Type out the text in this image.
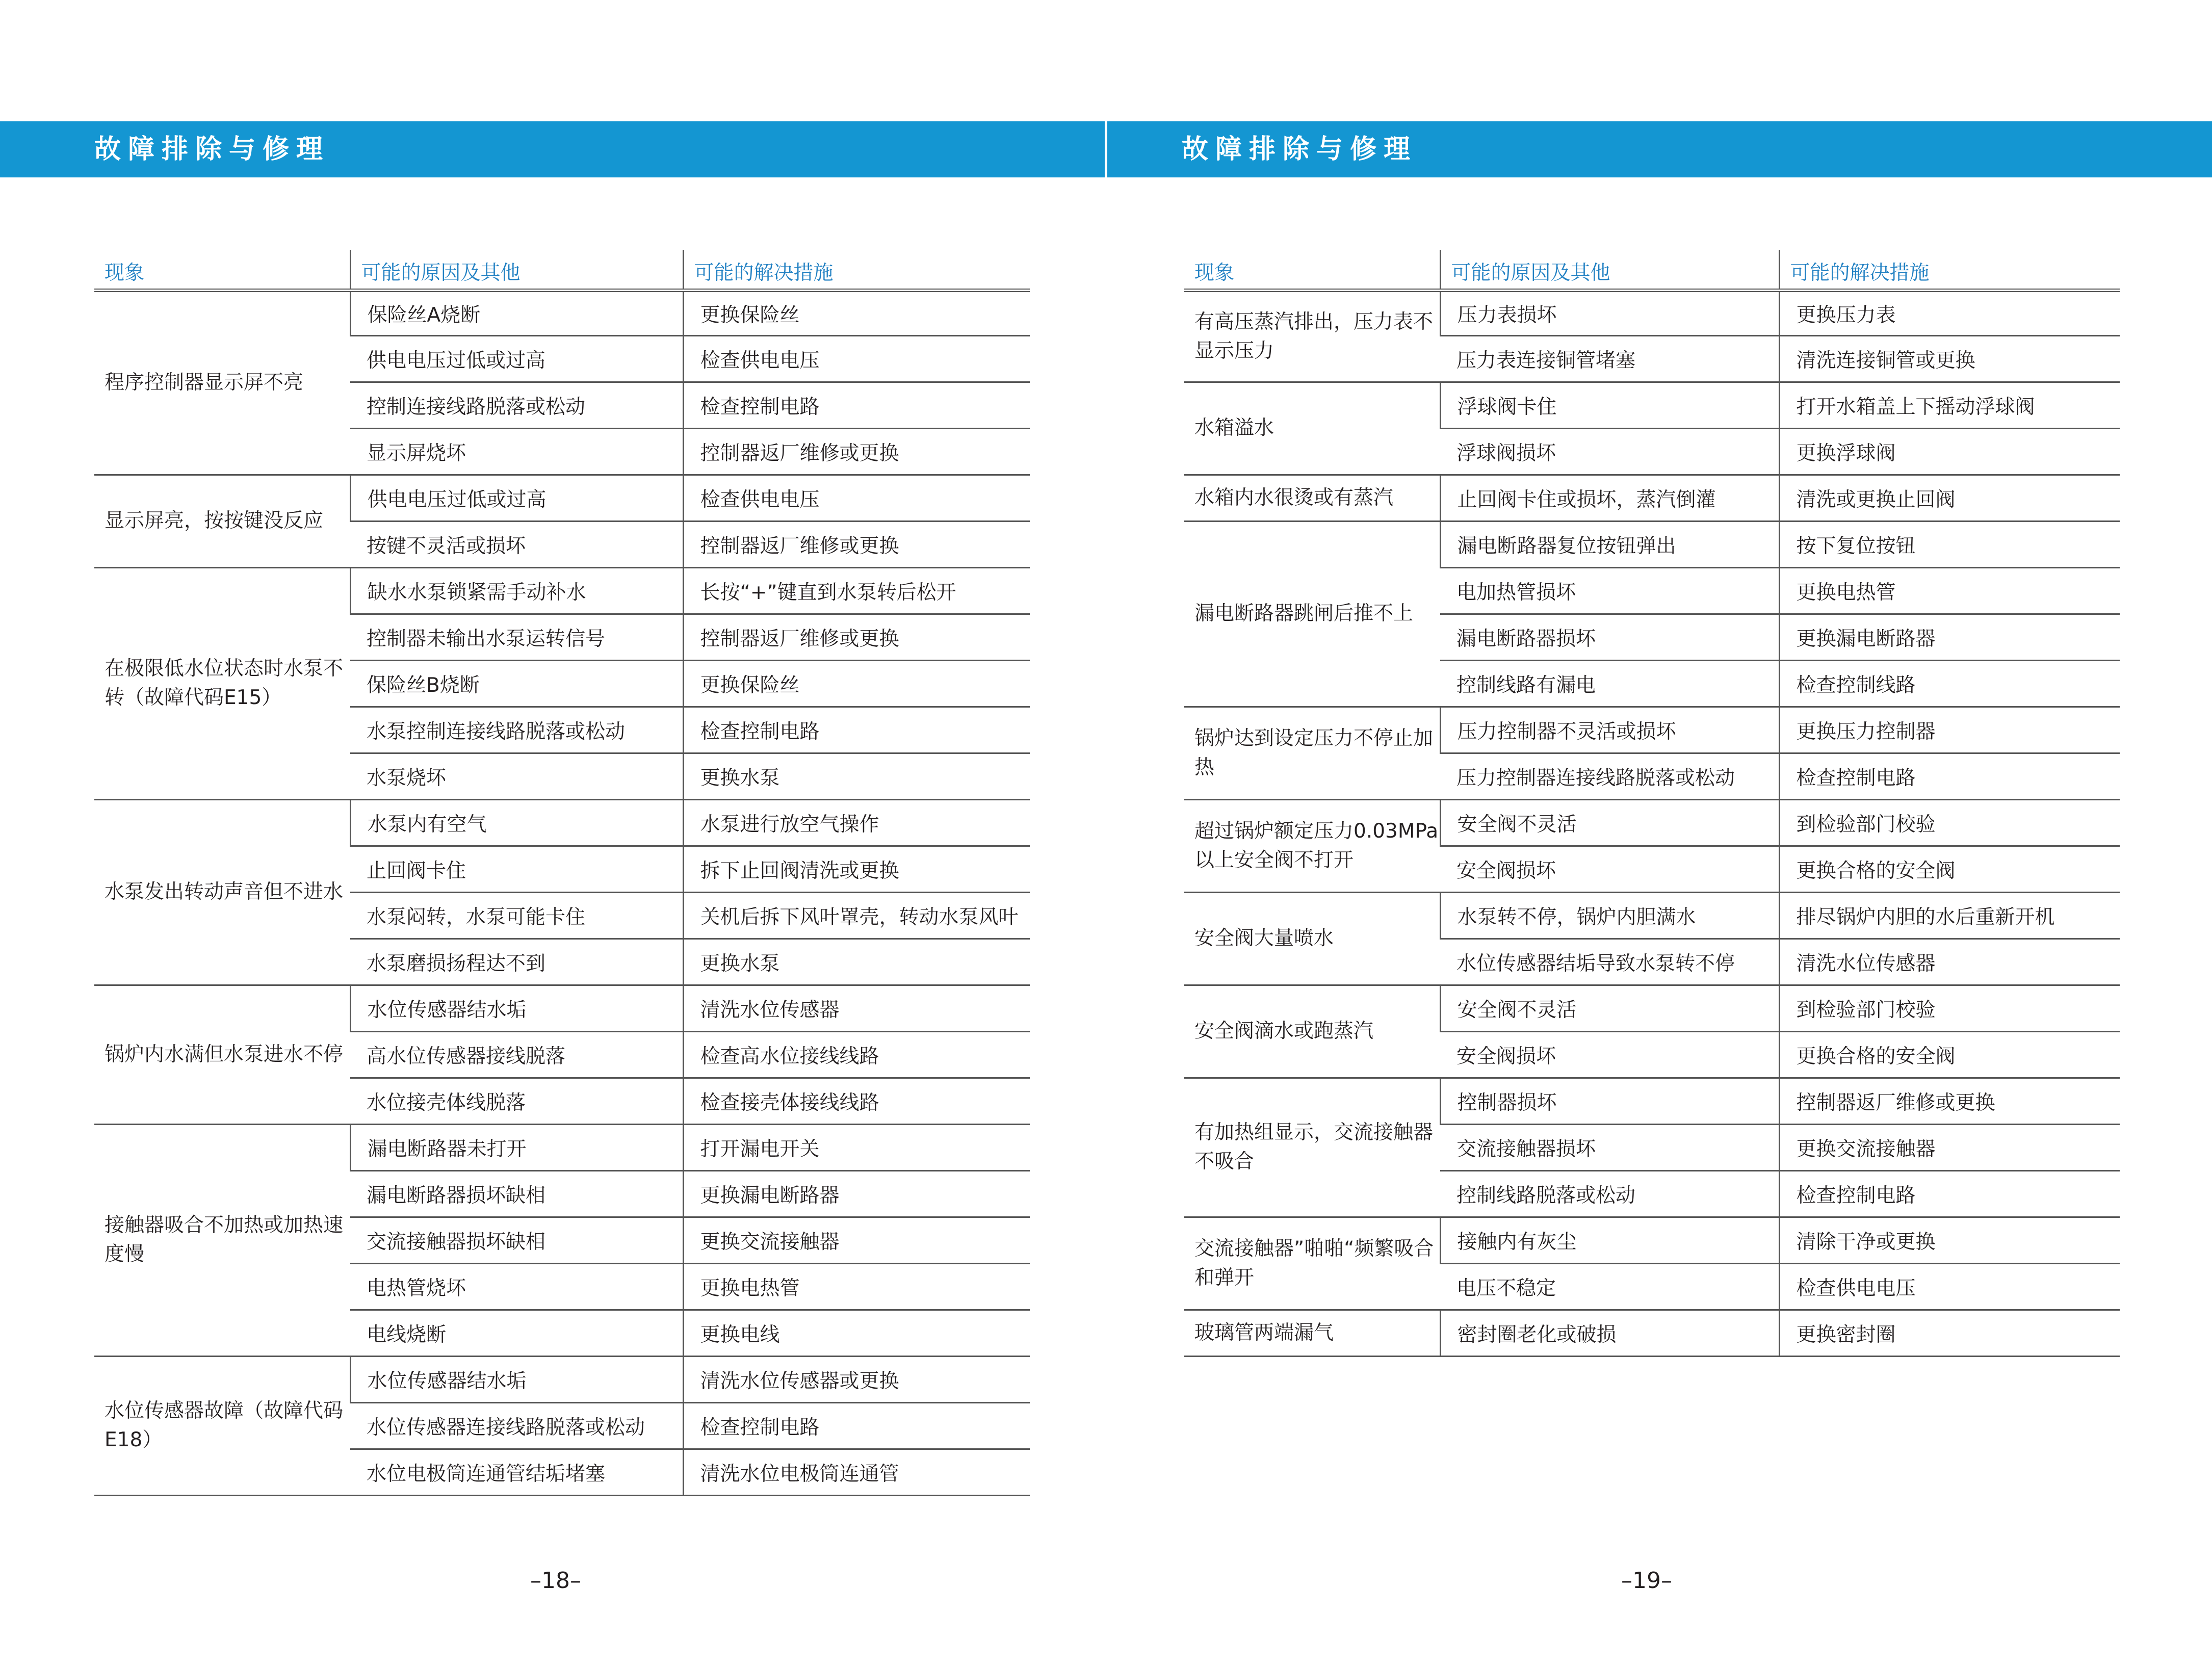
故障排除与修理
现象	可能的原因及其他	可能的解决措施
程序控制器显示屏不亮	保险丝A烧断	更换保险丝
	供电电压过低或过高	检查供电电压
	控制连接线路脱落或松动	检查控制电路
	显示屏烧坏	控制器返厂维修或更换
显示屏亮，按按键没反应	供电电压过低或过高	检查供电电压
	按键不灵活或损坏	控制器返厂维修或更换
在极限低水位状态时水泵不转（故障代码E15）	缺水水泵锁紧需手动补水	长按“+”键直到水泵转后松开
	控制器未输出水泵运转信号	控制器返厂维修或更换
	保险丝B烧断	更换保险丝
	水泵控制连接线路脱落或松动	检查控制电路
	水泵烧坏	更换水泵
水泵发出转动声音但不进水	水泵内有空气	水泵进行放空气操作
	止回阀卡住	拆下止回阀清洗或更换
	水泵闷转，水泵可能卡住	关机后拆下风叶罩壳，转动水泵风叶
	水泵磨损扬程达不到	更换水泵
锅炉内水满但水泵进水不停	水位传感器结水垢	清洗水位传感器
	高水位传感器接线脱落	检查高水位接线线路
	水位接壳体线脱落	检查接壳体接线线路
接触器吸合不加热或加热速度慢	漏电断路器未打开	打开漏电开关
	漏电断路器损坏缺相	更换漏电断路器
	交流接触器损坏缺相	更换交流接触器
	电热管烧坏	更换电热管
	电线烧断	更换电线
水位传感器故障（故障代码E18）	水位传感器结水垢	清洗水位传感器或更换
	水位传感器连接线路脱落或松动	检查控制电路
	水位电极筒连通管结垢堵塞	清洗水位电极筒连通管
–18–
故障排除与修理
现象	可能的原因及其他	可能的解决措施
有高压蒸汽排出，压力表不显示压力	压力表损坏	更换压力表
	压力表连接铜管堵塞	清洗连接铜管或更换
水箱溢水	浮球阀卡住	打开水箱盖上下摇动浮球阀
	浮球阀损坏	更换浮球阀
水箱内水很烫或有蒸汽	止回阀卡住或损坏，蒸汽倒灌	清洗或更换止回阀
漏电断路器跳闸后推不上	漏电断路器复位按钮弹出	按下复位按钮
	电加热管损坏	更换电热管
	漏电断路器损坏	更换漏电断路器
	控制线路有漏电	检查控制线路
锅炉达到设定压力不停止加热	压力控制器不灵活或损坏	更换压力控制器
	压力控制器连接线路脱落或松动	检查控制电路
超过锅炉额定压力0.03MPa以上安全阀不打开	安全阀不灵活	到检验部门校验
	安全阀损坏	更换合格的安全阀
安全阀大量喷水	水泵转不停，锅炉内胆满水	排尽锅炉内胆的水后重新开机
	水位传感器结垢导致水泵转不停	清洗水位传感器
安全阀滴水或跑蒸汽	安全阀不灵活	到检验部门校验
	安全阀损坏	更换合格的安全阀
有加热组显示，交流接触器不吸合	控制器损坏	控制器返厂维修或更换
	交流接触器损坏	更换交流接触器
	控制线路脱落或松动	检查控制电路
交流接触器”啪啪“频繁吸合和弹开	接触内有灰尘	清除干净或更换
	电压不稳定	检查供电电压
玻璃管两端漏气	密封圈老化或破损	更换密封圈
–19–
